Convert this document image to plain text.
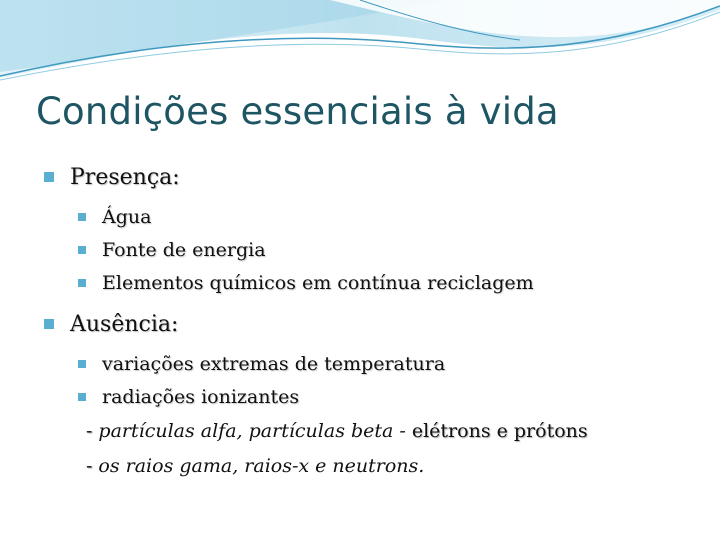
Condições essenciais à vida
Presença:
Água
Fonte de energia
Elementos químicos em contínua reciclagem
Ausência:
variações extremas de temperatura
radiações ionizantes
- partículas alfa, partículas beta -
elétrons e prótons
- os raios gama, raios-x e neutrons.
